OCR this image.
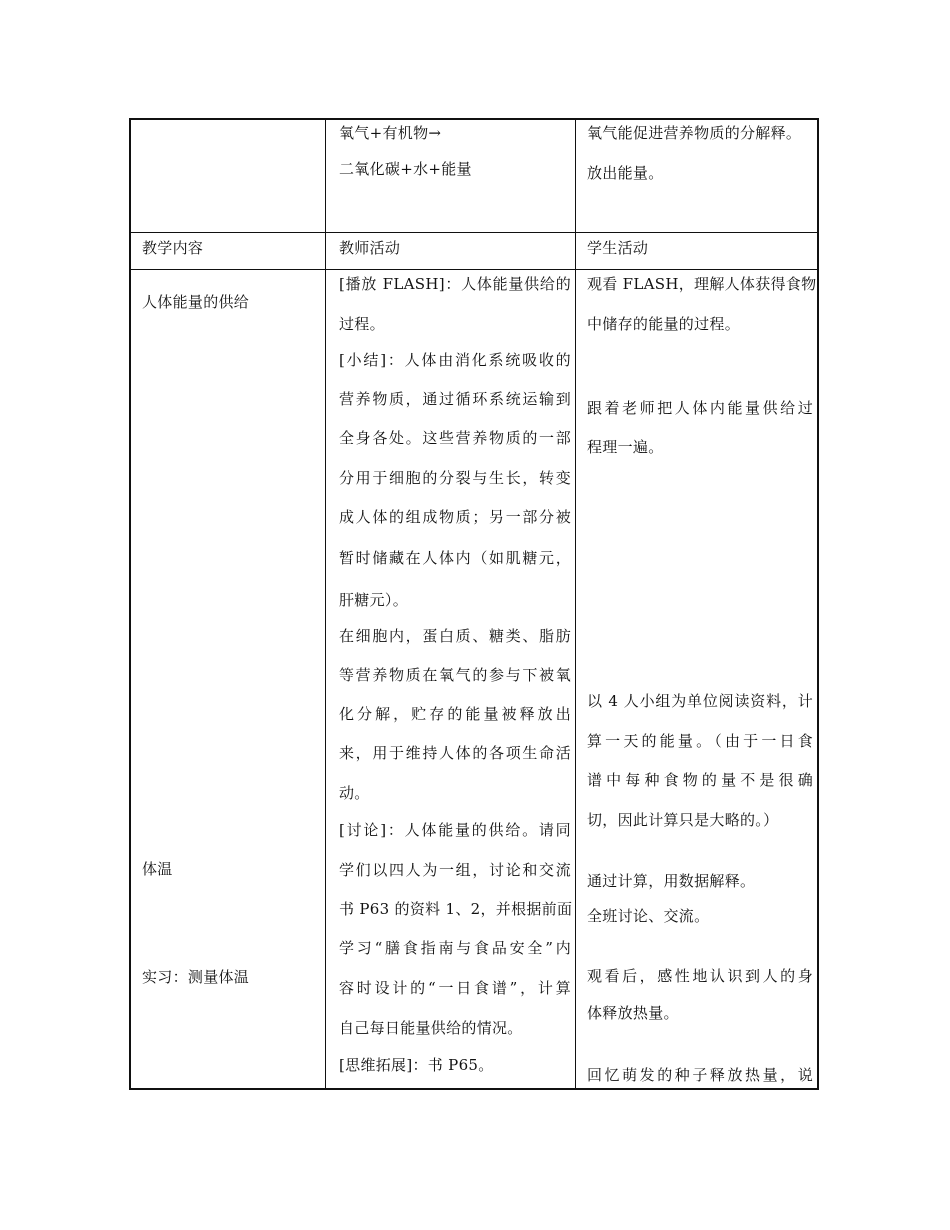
氧气+有机物→
二氧化碳+水+能量
氧气能促进营养物质的分解释。
放出能量。
教学内容	教师活动	学生活动
人体能量的供给
体温
实习：测量体温
[播放 FLASH]：人体能量供给的
过程。
[小结]：人体由消化系统吸收的
营养物质，通过循环系统运输到
全身各处。这些营养物质的一部
分用于细胞的分裂与生长，转变
成人体的组成物质；另一部分被
暂时储藏在人体内（如肌糖元，
肝糖元）。
在细胞内，蛋白质、糖类、脂肪
等营养物质在氧气的参与下被氧
化分解，贮存的能量被释放出
来，用于维持人体的各项生命活
动。
[讨论]：人体能量的供给。请同
学们以四人为一组，讨论和交流
书 P63 的资料 1、2，并根据前面
学习“膳食指南与食品安全”内
容时设计的“一日食谱”，计算
自己每日能量供给的情况。
[思维拓展]：书 P65。
观看 FLASH，理解人体获得食物
中储存的能量的过程。
跟着老师把人体内能量供给过
程理一遍。
以 4 人小组为单位阅读资料，计
算一天的能量。（由于一日食
谱中每种食物的量不是很确
切，因此计算只是大略的。）
通过计算，用数据解释。
全班讨论、交流。
观看后，感性地认识到人的身
体释放热量。
回忆萌发的种子释放热量，说
